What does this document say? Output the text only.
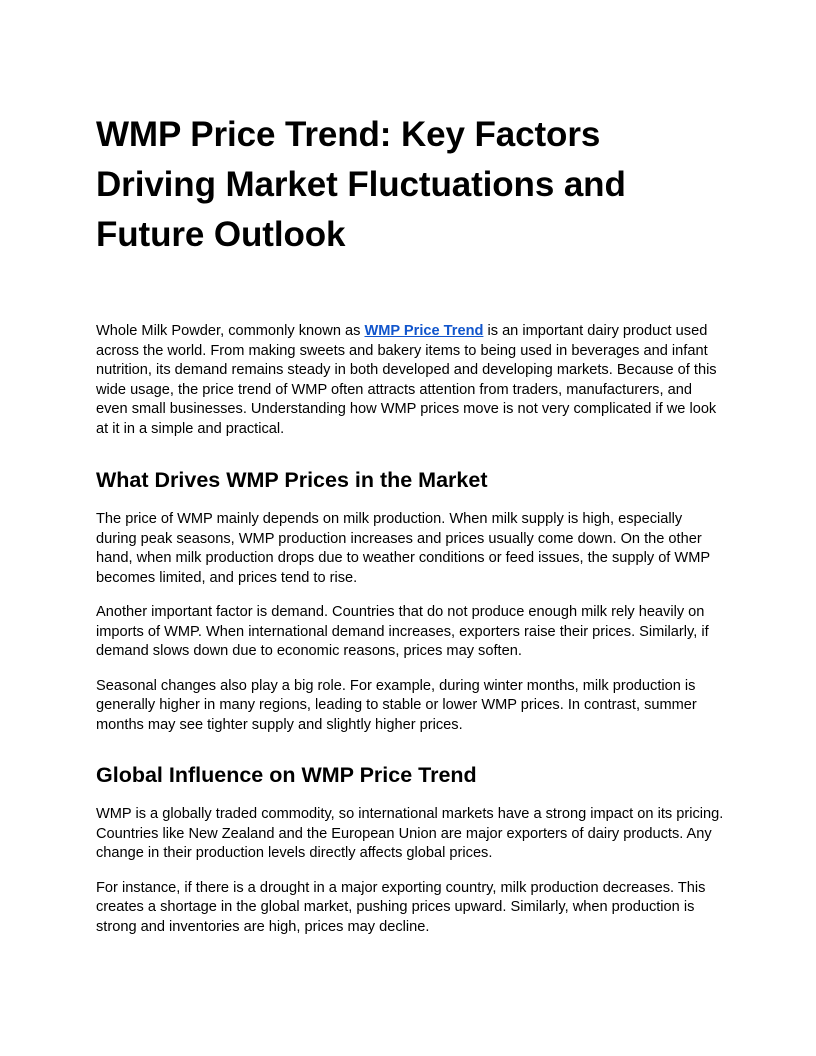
WMP Price Trend: Key Factors Driving Market Fluctuations and Future Outlook

Whole Milk Powder, commonly known as WMP Price Trend is an important dairy product used across the world. From making sweets and bakery items to being used in beverages and infant nutrition, its demand remains steady in both developed and developing markets. Because of this wide usage, the price trend of WMP often attracts attention from traders, manufacturers, and even small businesses. Understanding how WMP prices move is not very complicated if we look at it in a simple and practical.

What Drives WMP Prices in the Market

The price of WMP mainly depends on milk production. When milk supply is high, especially during peak seasons, WMP production increases and prices usually come down. On the other hand, when milk production drops due to weather conditions or feed issues, the supply of WMP becomes limited, and prices tend to rise.

Another important factor is demand. Countries that do not produce enough milk rely heavily on imports of WMP. When international demand increases, exporters raise their prices. Similarly, if demand slows down due to economic reasons, prices may soften.

Seasonal changes also play a big role. For example, during winter months, milk production is generally higher in many regions, leading to stable or lower WMP prices. In contrast, summer months may see tighter supply and slightly higher prices.

Global Influence on WMP Price Trend

WMP is a globally traded commodity, so international markets have a strong impact on its pricing. Countries like New Zealand and the European Union are major exporters of dairy products. Any change in their production levels directly affects global prices.

For instance, if there is a drought in a major exporting country, milk production decreases. This creates a shortage in the global market, pushing prices upward. Similarly, when production is strong and inventories are high, prices may decline.
